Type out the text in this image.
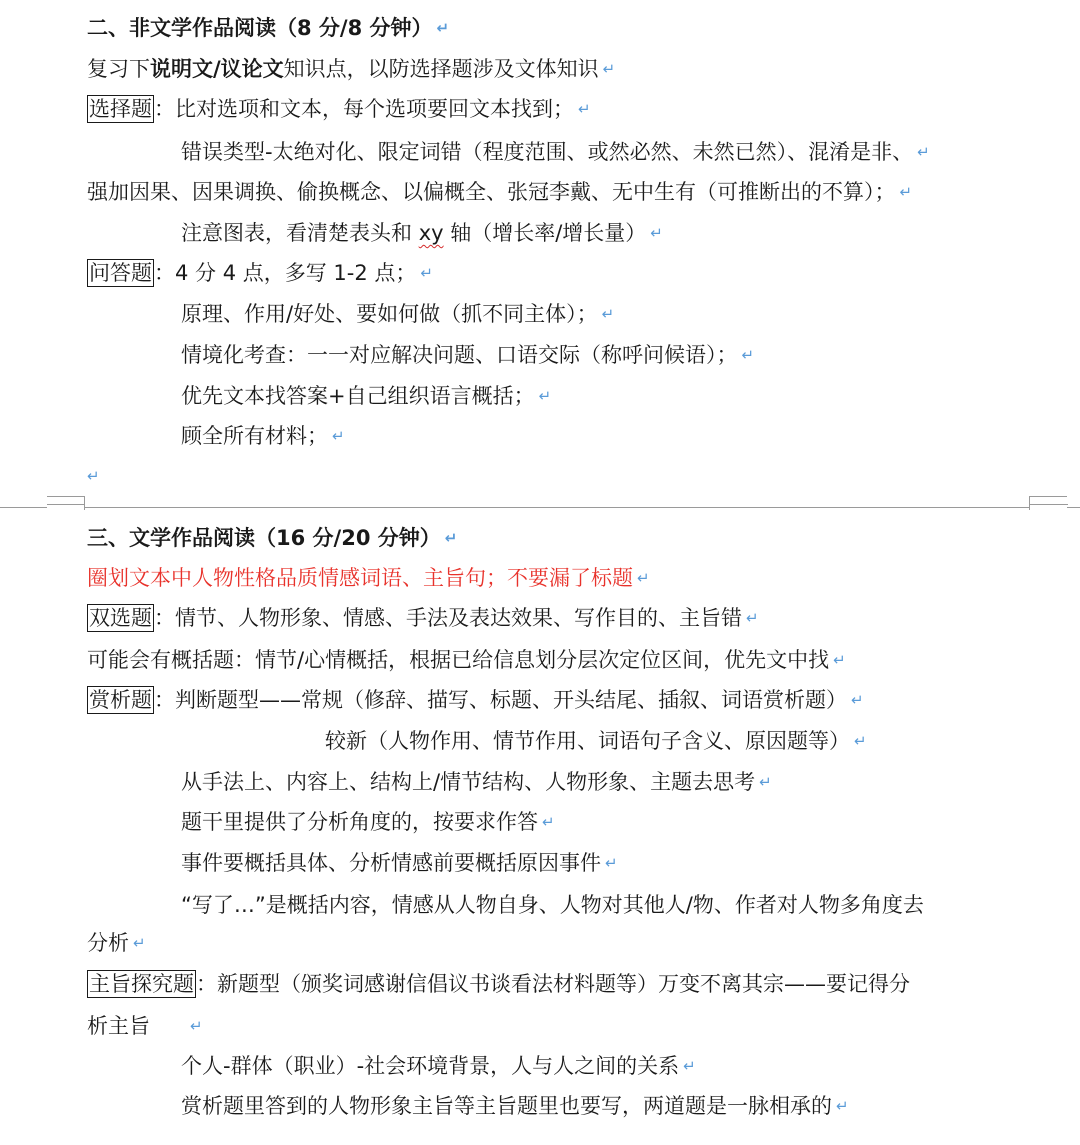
二、非文学作品阅读（8 分/8 分钟） ↵
复习下说明文/议论文知识点，以防选择题涉及文体知识 ↵
选择题：比对选项和文本，每个选项要回文本找到； ↵
错误类型-太绝对化、限定词错（程度范围、或然必然、未然已然）、混淆是非、 ↵
强加因果、因果调换、偷换概念、以偏概全、张冠李戴、无中生有（可推断出的不算）； ↵
注意图表，看清楚表头和 xy 轴（增长率/增长量） ↵
问答题：4 分 4 点，多写 1-2 点； ↵
原理、作用/好处、要如何做（抓不同主体）； ↵
情境化考查：一一对应解决问题、口语交际（称呼问候语）； ↵
优先文本找答案+自己组织语言概括； ↵
顾全所有材料； ↵
↵
三、文学作品阅读（16 分/20 分钟） ↵
圈划文本中人物性格品质情感词语、主旨句；不要漏了标题 ↵
双选题：情节、人物形象、情感、手法及表达效果、写作目的、主旨错 ↵
可能会有概括题：情节/心情概括，根据已给信息划分层次定位区间，优先文中找 ↵
赏析题：判断题型——常规（修辞、描写、标题、开头结尾、插叙、词语赏析题） ↵
较新（人物作用、情节作用、词语句子含义、原因题等） ↵
从手法上、内容上、结构上/情节结构、人物形象、主题去思考 ↵
题干里提供了分析角度的，按要求作答 ↵
事件要概括具体、分析情感前要概括原因事件 ↵
“写了…”是概括内容，情感从人物自身、人物对其他人/物、作者对人物多角度去
分析 ↵
主旨探究题：新题型（颁奖词感谢信倡议书谈看法材料题等）万变不离其宗——要记得分
析主旨	↵
个人-群体（职业）-社会环境背景，人与人之间的关系 ↵
赏析题里答到的人物形象主旨等主旨题里也要写，两道题是一脉相承的 ↵
